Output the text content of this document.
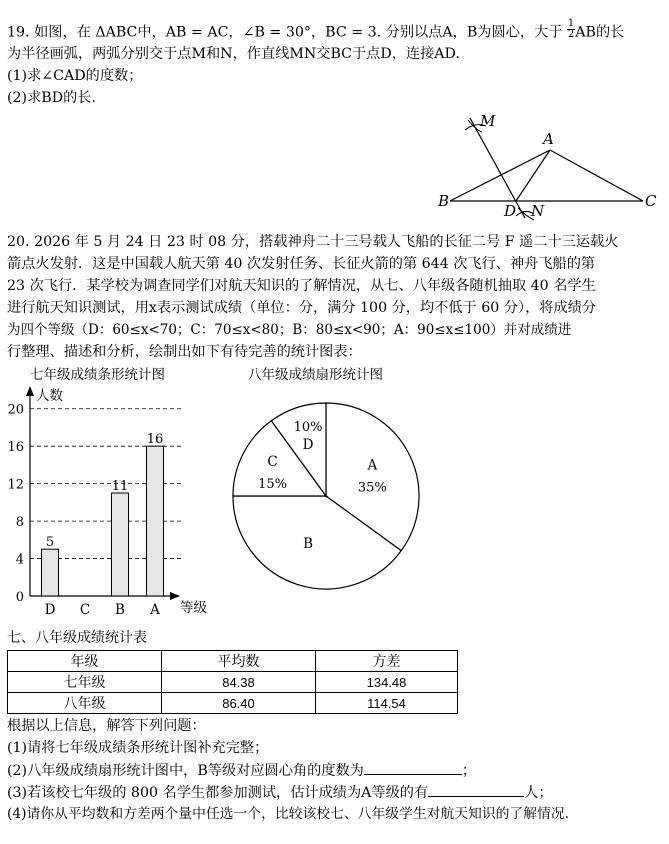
19. 如图，在 ΔABC中，AB = AC，∠B = 30°，BC = 3. 分别以点A，B为圆心，大于 $\frac{1}{2}$ AB的长
为半径画弧，两弧分别交于点M和N，作直线MN交BC于点D，连接AD.
(1)求∠CAD的度数；
(2)求BD的长.
M
A
B	C
D N
20. 2026 年 5 月 24 日 23 时 08 分，搭载神舟二十三号载人飞船的长征二号 F 遥二十三运载火
箭点火发射．这是中国载人航天第 40 次发射任务、长征火箭的第 644 次飞行、神舟飞船的第
23 次飞行．某学校为调查同学们对航天知识的了解情况，从七、八年级各随机抽取 40 名学生
进行航天知识测试，用x表示测试成绩（单位：分，满分 100 分，均不低于 60 分），将成绩分
为四个等级（D：60≤x<70；C：70≤x<80；B：80≤x<90；A：90≤x≤100）并对成绩进
行整理、描述和分析，绘制出如下有待完善的统计图表：
七年级成绩条形统计图
人数
等级
0
4
8
12
16
20
5
D C
11
B
16
A
八年级成绩扇形统计图
A
35%
B
C
15%
10%
D
七、八年级成绩统计表
年级	平均数	方差
七年级	84.38	134.48
八年级	86.40	114.54
根据以上信息，解答下列问题：
(1)请将七年级成绩条形统计图补充完整；
(2)八年级成绩扇形统计图中，B等级对应圆心角的度数为	；
(3)若该校七年级的 800 名学生都参加测试，估计成绩为A等级的有	人；
(4)请你从平均数和方差两个量中任选一个，比较该校七、八年级学生对航天知识的了解情况.
